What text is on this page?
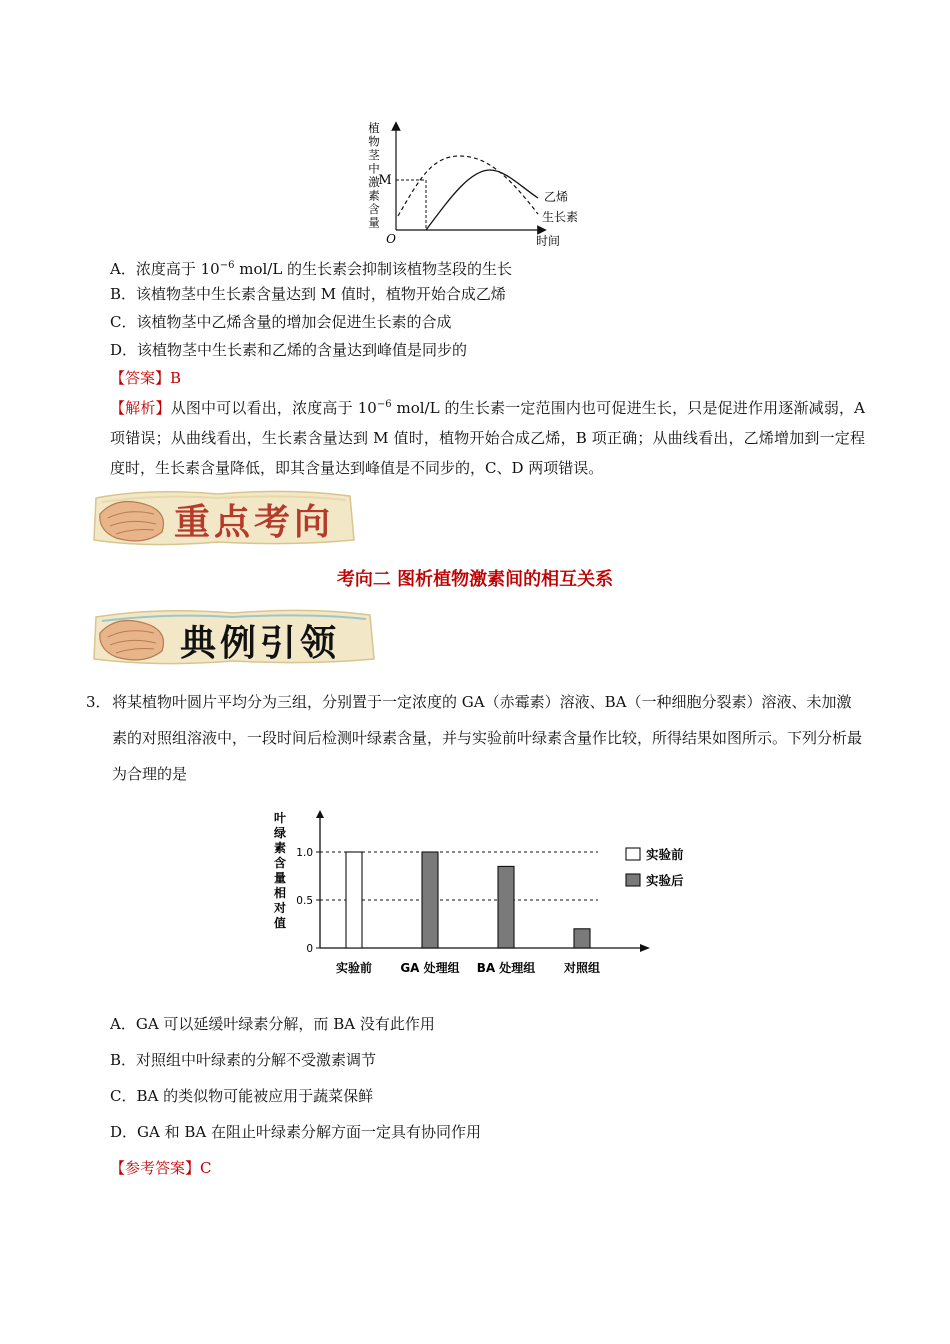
M
O	时间
乙烯
生长素
植
物
茎
中
激
素
含
量
A．浓度高于 $10^{-6}$ mol/L 的生长素会抑制该植物茎段的生长
B．该植物茎中生长素含量达到 M 值时，植物开始合成乙烯
C．该植物茎中乙烯含量的增加会促进生长素的合成
D．该植物茎中生长素和乙烯的含量达到峰值是同步的
【答案】B
【解析】从图中可以看出，浓度高于 $10^{-6}$ mol/L 的生长素一定范围内也可促进生长，只是促进作用逐渐减弱，A 项错误；从曲线看出，生长素含量达到 M 值时，植物开始合成乙烯，B 项正确；从曲线看出，乙烯增加到一定程度时，生长素含量降低，即其含量达到峰值是不同步的，C、D 两项错误。
重点考向
考向二 图析植物激素间的相互关系
典例引领
3． 将某植物叶圆片平均分为三组，分别置于一定浓度的 GA（赤霉素）溶液、BA（一种细胞分裂素）溶液、未加激素的对照组溶液中，一段时间后检测叶绿素含量，并与实验前叶绿素含量作比较，所得结果如图所示。下列分析最为合理的是
1.0
0.5
0
叶
绿
素
含
量
相
对
值
实验前 GA 处理组 BA 处理组 对照组
实验前
实验后
A．GA 可以延缓叶绿素分解，而 BA 没有此作用
B．对照组中叶绿素的分解不受激素调节
C．BA 的类似物可能被应用于蔬菜保鲜
D．GA 和 BA 在阻止叶绿素分解方面一定具有协同作用
【参考答案】C
